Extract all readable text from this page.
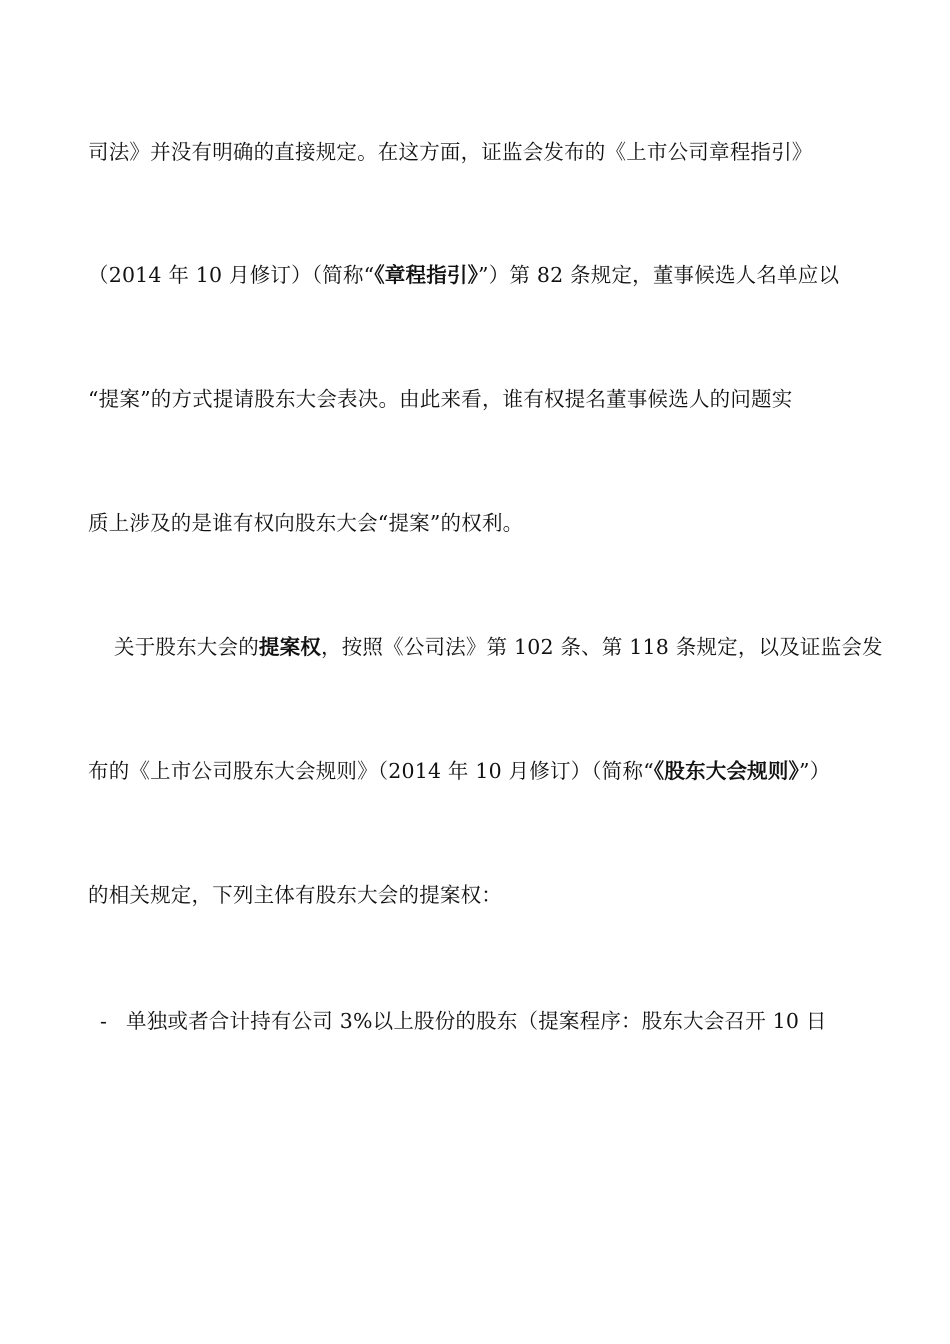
司法》并没有明确的直接规定。在这方面，证监会发布的《上市公司章程指引》
（2014 年 10 月修订）（简称“《章程指引》”）第 82 条规定，董事候选人名单应以
“提案”的方式提请股东大会表决。由此来看，谁有权提名董事候选人的问题实
质上涉及的是谁有权向股东大会“提案”的权利。
关于股东大会的提案权，按照《公司法》第 102 条、第 118 条规定，以及证监会发
布的《上市公司股东大会规则》（2014 年 10 月修订）（简称“《股东大会规则》”）
的相关规定，下列主体有股东大会的提案权：
- 单独或者合计持有公司 3%以上股份的股东（提案程序：股东大会召开 10 日
